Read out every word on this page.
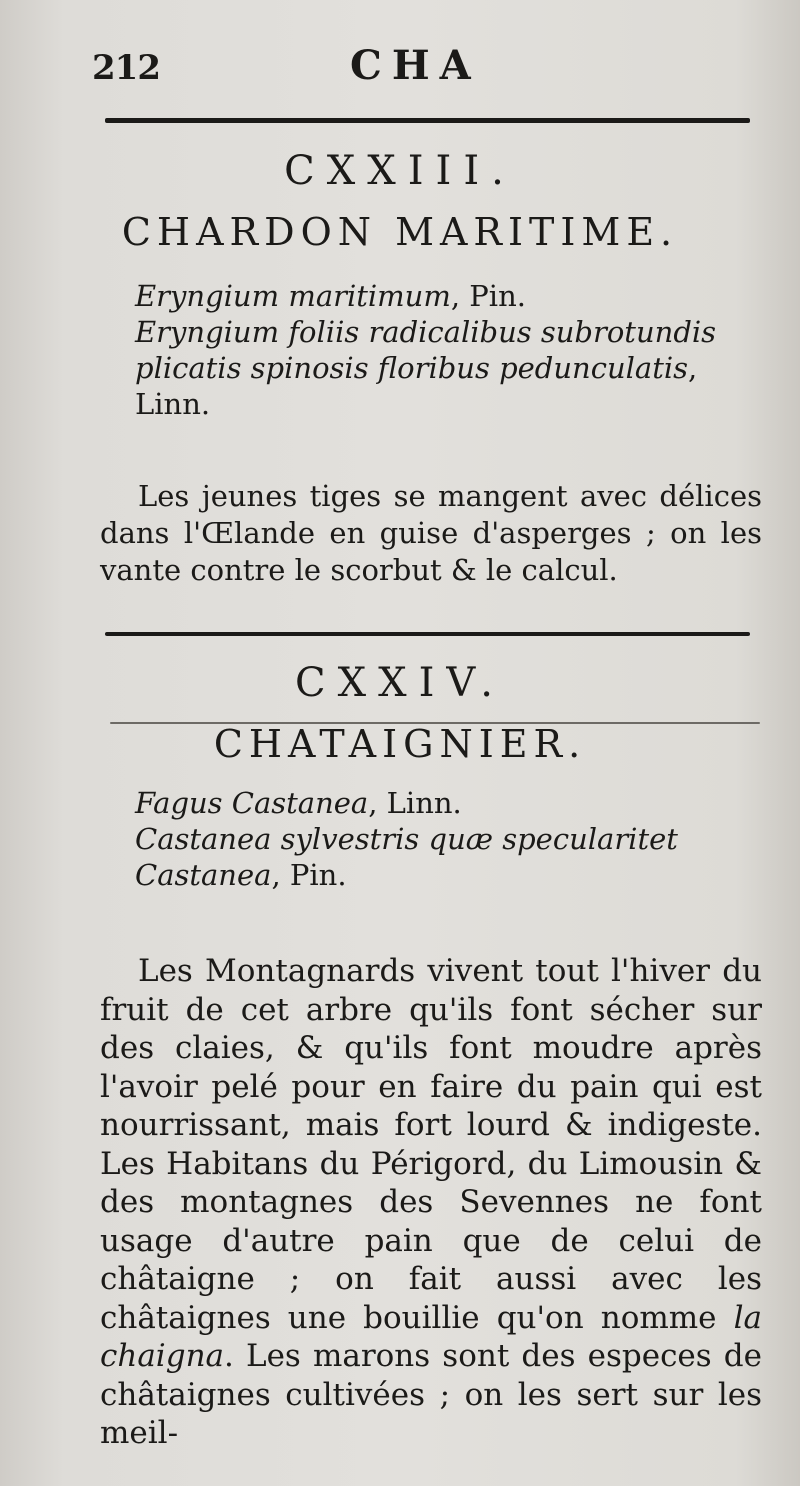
212	CHA
CXXIII.
CHARDON MARITIME.

Eryngium maritimum, Pin.

Eryngium foliis radicalibus subrotundis plicatis spinosis floribus pedunculatis, Linn.

Les jeunes tiges se mangent avec délices dans l'Œlande en guise d'asperges ; on les vante contre le scorbut & le calcul.
CXXIV.
CHATAIGNIER.

Fagus Castanea, Linn.

Castanea sylvestris quæ specularitet Castanea, Pin.

Les Montagnards vivent tout l'hiver du fruit de cet arbre qu'ils font sécher sur des claies, & qu'ils font moudre après l'avoir pelé pour en faire du pain qui est nourrissant, mais fort lourd & indigeste. Les Habitans du Périgord, du Limousin & des montagnes des Sevennes ne font usage d'autre pain que de celui de châtaigne ; on fait aussi avec les châtaignes une bouillie qu'on nomme la chaigna. Les marons sont des especes de châtaignes cultivées ; on les sert sur les meil-
